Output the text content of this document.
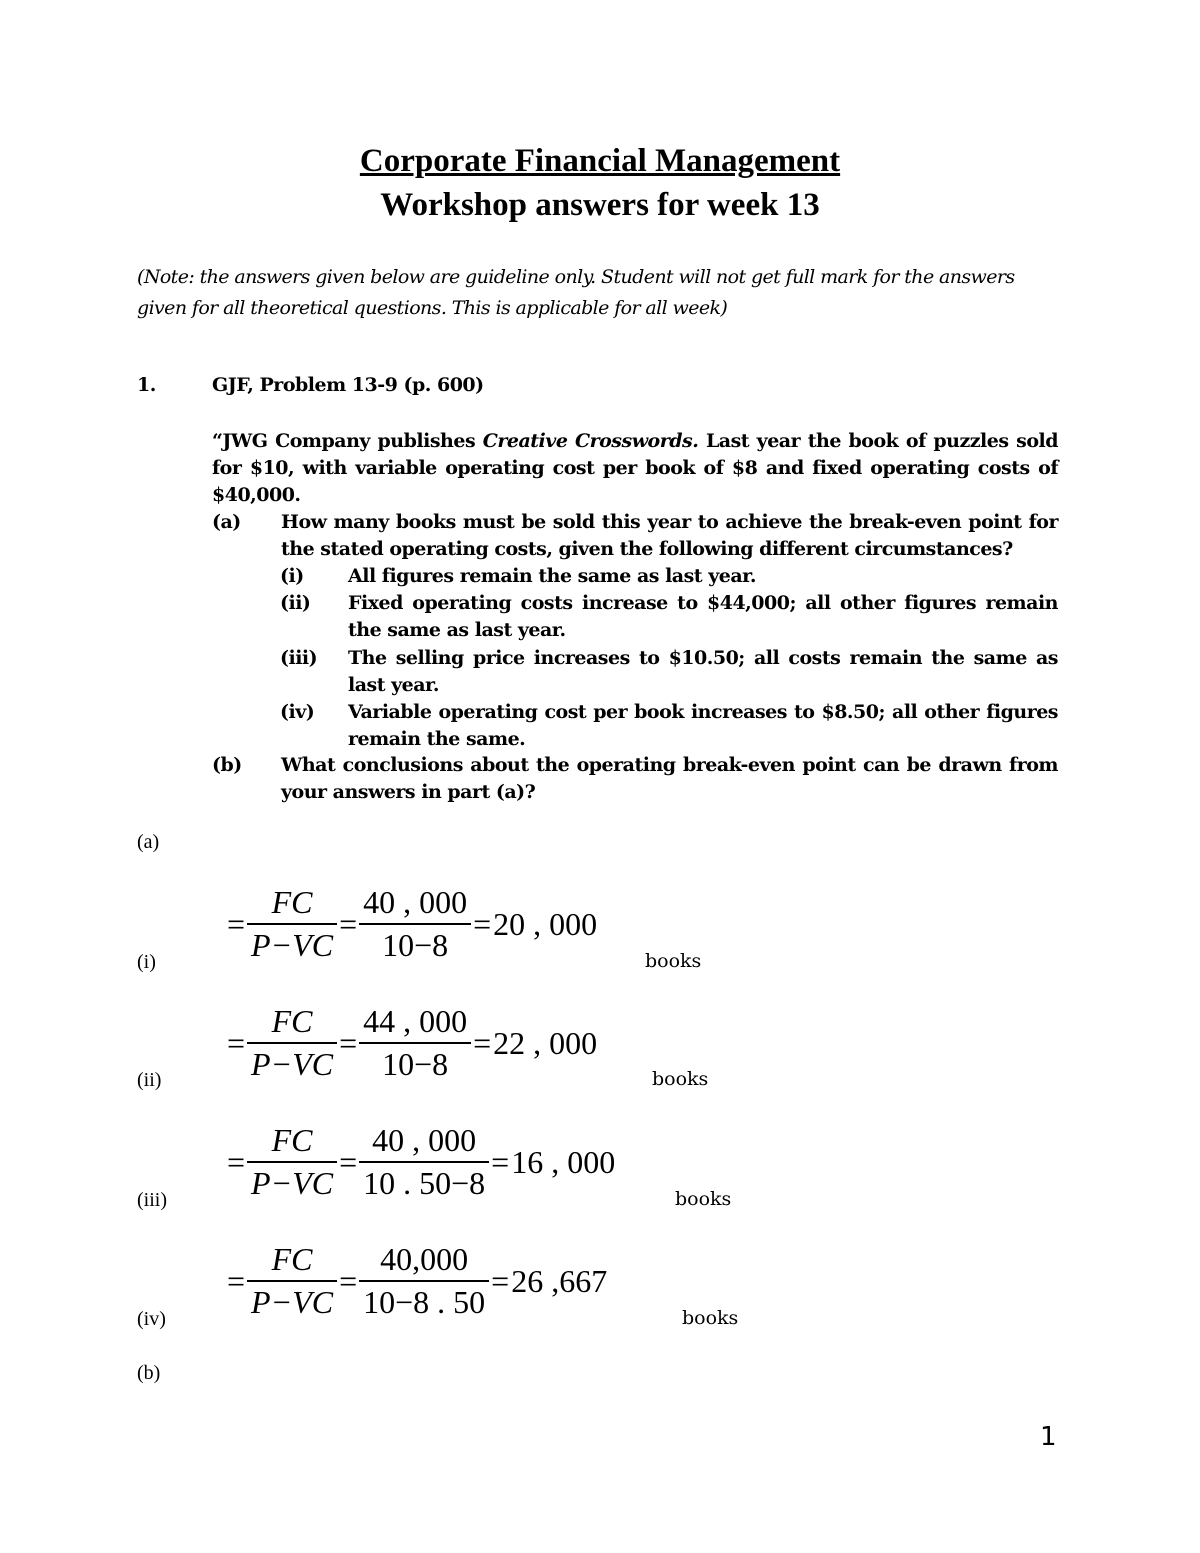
Corporate Financial Management
Workshop answers for week 13
(Note: the answers given below are guideline only. Student will not get full mark for the answers given for all theoretical questions. This is applicable for all week)
1.	GJF, Problem 13-9 (p. 600)
“JWG Company publishes Creative Crosswords. Last year the book of puzzles sold for $10, with variable operating cost per book of $8 and fixed operating costs of $40,000.
(a) How many books must be sold this year to achieve the break-even point for the stated operating costs, given the following different circumstances?
(i) All figures remain the same as last year.
(ii) Fixed operating costs increase to $44,000; all other figures remain the same as last year.
(iii) The selling price increases to $10.50; all costs remain the same as last year.
(iv) Variable operating cost per book increases to $8.50; all other figures remain the same.
(b) What conclusions about the operating break-even point can be drawn from your answers in part (a)?
(a)
(i)
= $\frac{FC}{P-VC} = \frac{40 , 000}{10-8} =20$ , 000
books
(ii)
= $\frac{FC}{P-VC} = \frac{44 , 000}{10-8} =22$ , 000
books
(iii)
= $\frac{FC}{P-VC} = \frac{40 , 000}{10 . 50-8} =16$ , 000
books
(iv)
= $\frac{FC}{P-VC} = \frac{40,000}{10-8 . 50} =26$ ,667
books
(b)
1
